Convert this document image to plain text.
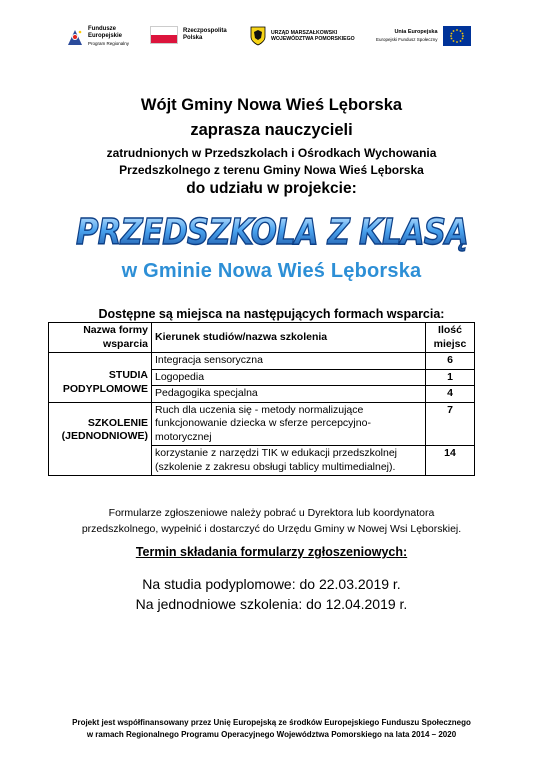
Fundusze
Europejskie
Program Regionalny
Rzeczpospolita
Polska
URZĄD MARSZAŁKOWSKI
WOJEWÓDZTWA POMORSKIEGO
Unia Europejska
Europejski Fundusz Społeczny
Wójt Gminy Nowa Wieś Lęborska
zaprasza nauczycieli
zatrudnionych w Przedszkolach i Ośrodkach Wychowania
Przedszkolnego z terenu Gminy Nowa Wieś Lęborska
do udziału w projekcie:
PRZEDSZKOLA Z KLASĄ
w Gminie Nowa Wieś Lęborska
Dostępne są miejsca na następujących formach wsparcia:
Nazwa formy
wsparcia	Kierunek studiów/nazwa szkolenia	Ilość
miejsc
STUDIA
PODYPLOMOWE	Integracja sensoryczna	6
	Logopedia	1
	Pedagogika specjalna	4
SZKOLENIE
(JEDNODNIOWE)	Ruch dla uczenia się - metody normalizujące
funkcjonowanie dziecka w sferze percepcyjno-
motorycznej	7
	korzystanie z narzędzi TIK w edukacji przedszkolnej
(szkolenie z zakresu obsługi tablicy multimedialnej).	14
Formularze zgłoszeniowe należy pobrać u Dyrektora lub koordynatora
przedszkolnego, wypełnić i dostarczyć do Urzędu Gminy w Nowej Wsi Lęborskiej.
Termin składania formularzy zgłoszeniowych:
Na studia podyplomowe: do 22.03.2019 r.
Na jednodniowe szkolenia: do 12.04.2019 r.
Projekt jest współfinansowany przez Unię Europejską ze środków Europejskiego Funduszu Społecznego
w ramach Regionalnego Programu Operacyjnego Województwa Pomorskiego na lata 2014 – 2020
